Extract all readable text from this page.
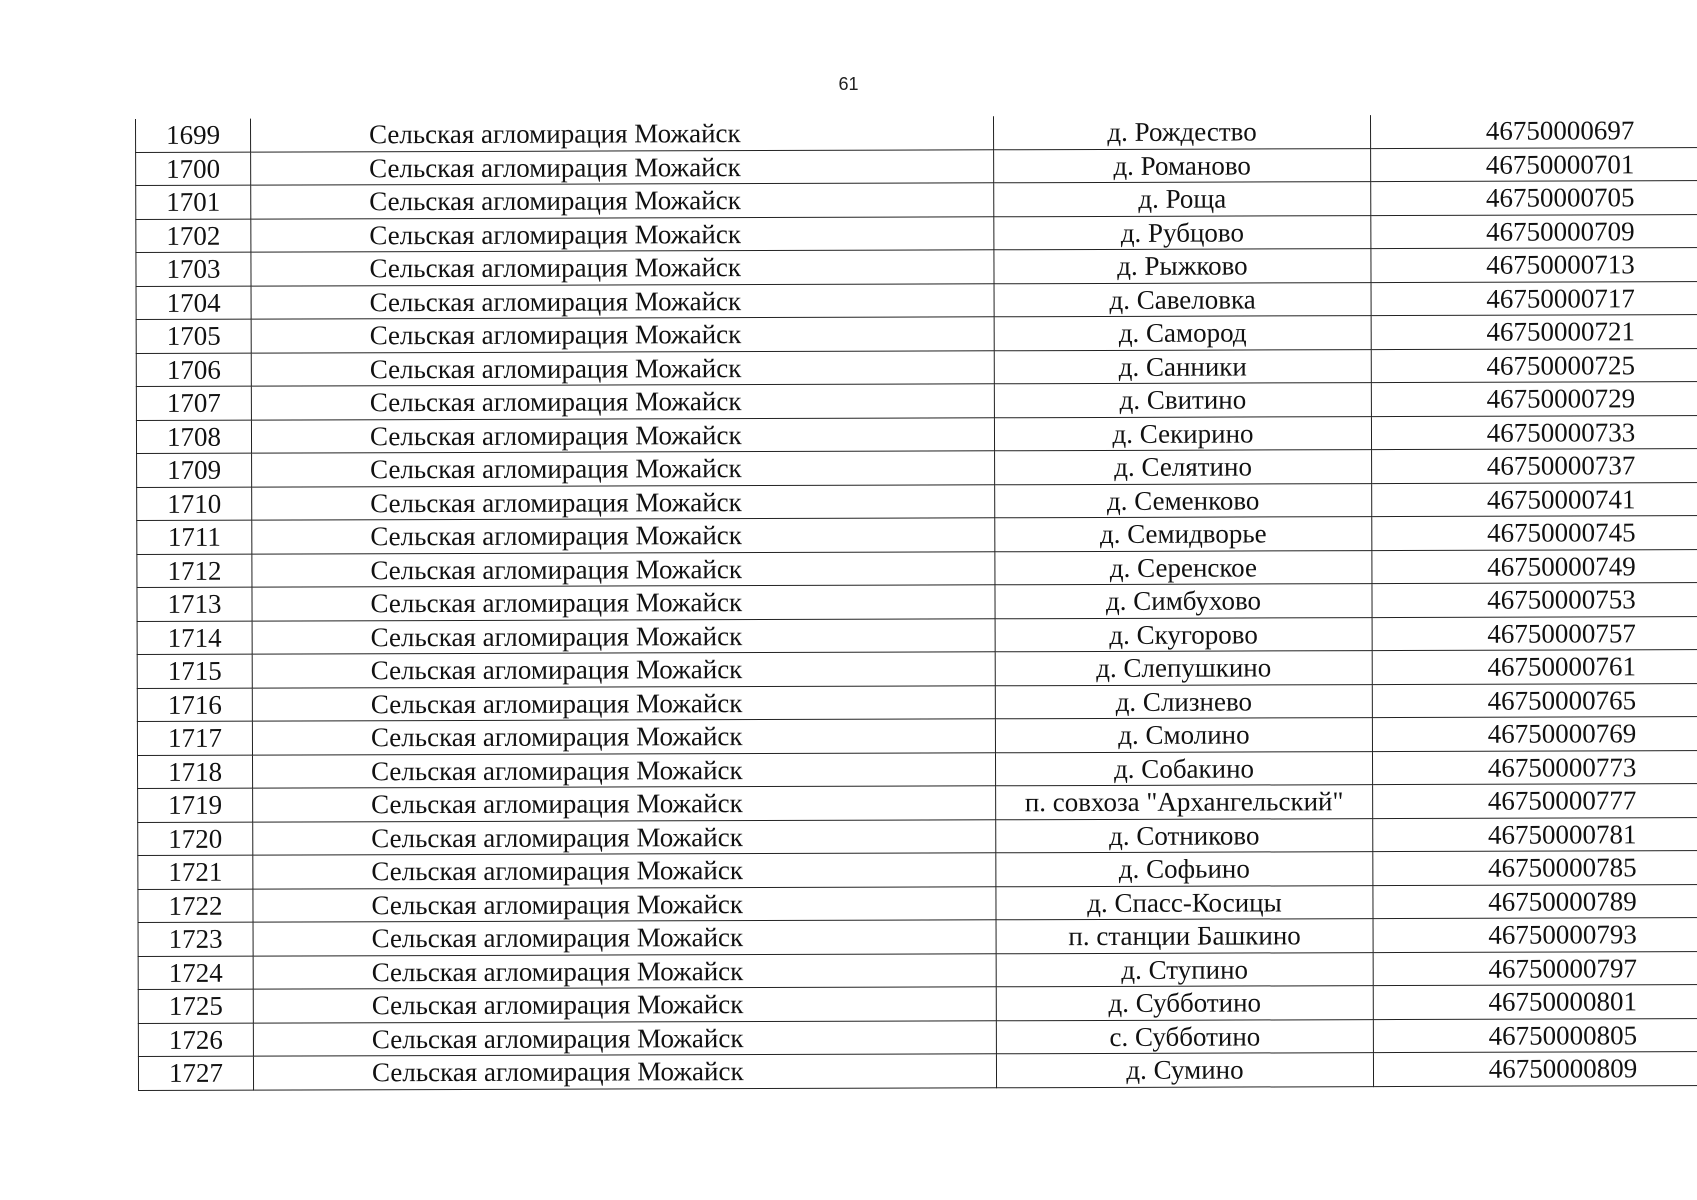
61
1699	Сельская агломирация Можайск	д. Рождество	46750000697
1700	Сельская агломирация Можайск	д. Романово	46750000701
1701	Сельская агломирация Можайск	д. Роща	46750000705
1702	Сельская агломирация Можайск	д. Рубцово	46750000709
1703	Сельская агломирация Можайск	д. Рыжково	46750000713
1704	Сельская агломирация Можайск	д. Савеловка	46750000717
1705	Сельская агломирация Можайск	д. Самород	46750000721
1706	Сельская агломирация Можайск	д. Санники	46750000725
1707	Сельская агломирация Можайск	д. Свитино	46750000729
1708	Сельская агломирация Можайск	д. Секирино	46750000733
1709	Сельская агломирация Можайск	д. Селятино	46750000737
1710	Сельская агломирация Можайск	д. Семенково	46750000741
1711	Сельская агломирация Можайск	д. Семидворье	46750000745
1712	Сельская агломирация Можайск	д. Серенское	46750000749
1713	Сельская агломирация Можайск	д. Симбухово	46750000753
1714	Сельская агломирация Можайск	д. Скугорово	46750000757
1715	Сельская агломирация Можайск	д. Слепушкино	46750000761
1716	Сельская агломирация Можайск	д. Слизнево	46750000765
1717	Сельская агломирация Можайск	д. Смолино	46750000769
1718	Сельская агломирация Можайск	д. Собакино	46750000773
1719	Сельская агломирация Можайск	п. совхоза "Архангельский"	46750000777
1720	Сельская агломирация Можайск	д. Сотниково	46750000781
1721	Сельская агломирация Можайск	д. Софьино	46750000785
1722	Сельская агломирация Можайск	д. Спасс-Косицы	46750000789
1723	Сельская агломирация Можайск	п. станции Башкино	46750000793
1724	Сельская агломирация Можайск	д. Ступино	46750000797
1725	Сельская агломирация Можайск	д. Субботино	46750000801
1726	Сельская агломирация Можайск	с. Субботино	46750000805
1727	Сельская агломирация Можайск	д. Сумино	46750000809
